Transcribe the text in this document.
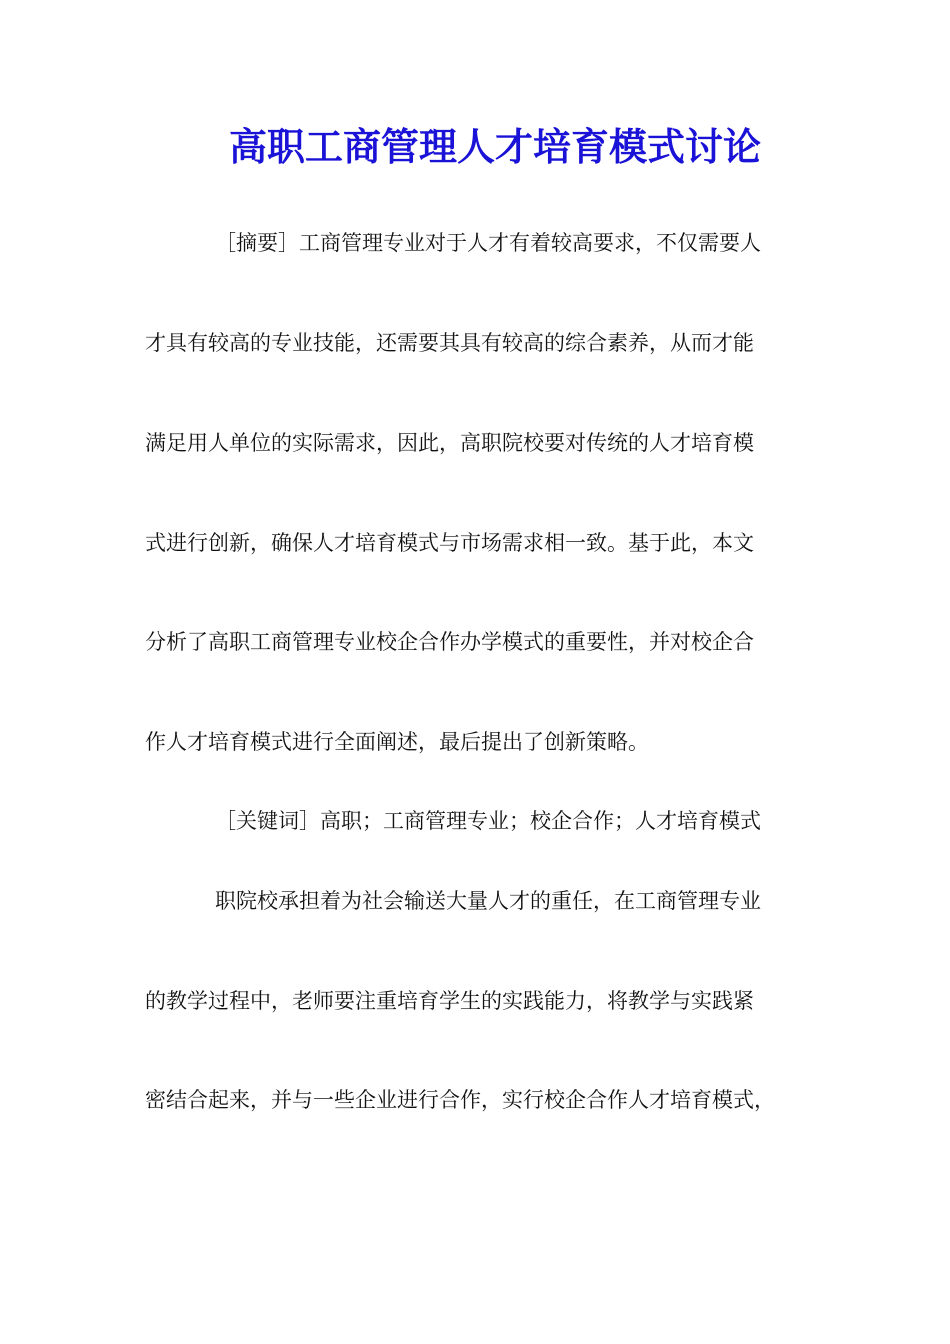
高职工商管理人才培育模式讨论
［摘要］工商管理专业对于人才有着较高要求，不仅需要人
才具有较高的专业技能，还需要其具有较高的综合素养，从而才能
满足用人单位的实际需求，因此，高职院校要对传统的人才培育模
式进行创新，确保人才培育模式与市场需求相一致。基于此，本文
分析了高职工商管理专业校企合作办学模式的重要性，并对校企合
作人才培育模式进行全面阐述，最后提出了创新策略。
［关键词］高职；工商管理专业；校企合作；人才培育模式
职院校承担着为社会输送大量人才的重任，在工商管理专业
的教学过程中，老师要注重培育学生的实践能力，将教学与实践紧
密结合起来，并与一些企业进行合作，实行校企合作人才培育模式，
